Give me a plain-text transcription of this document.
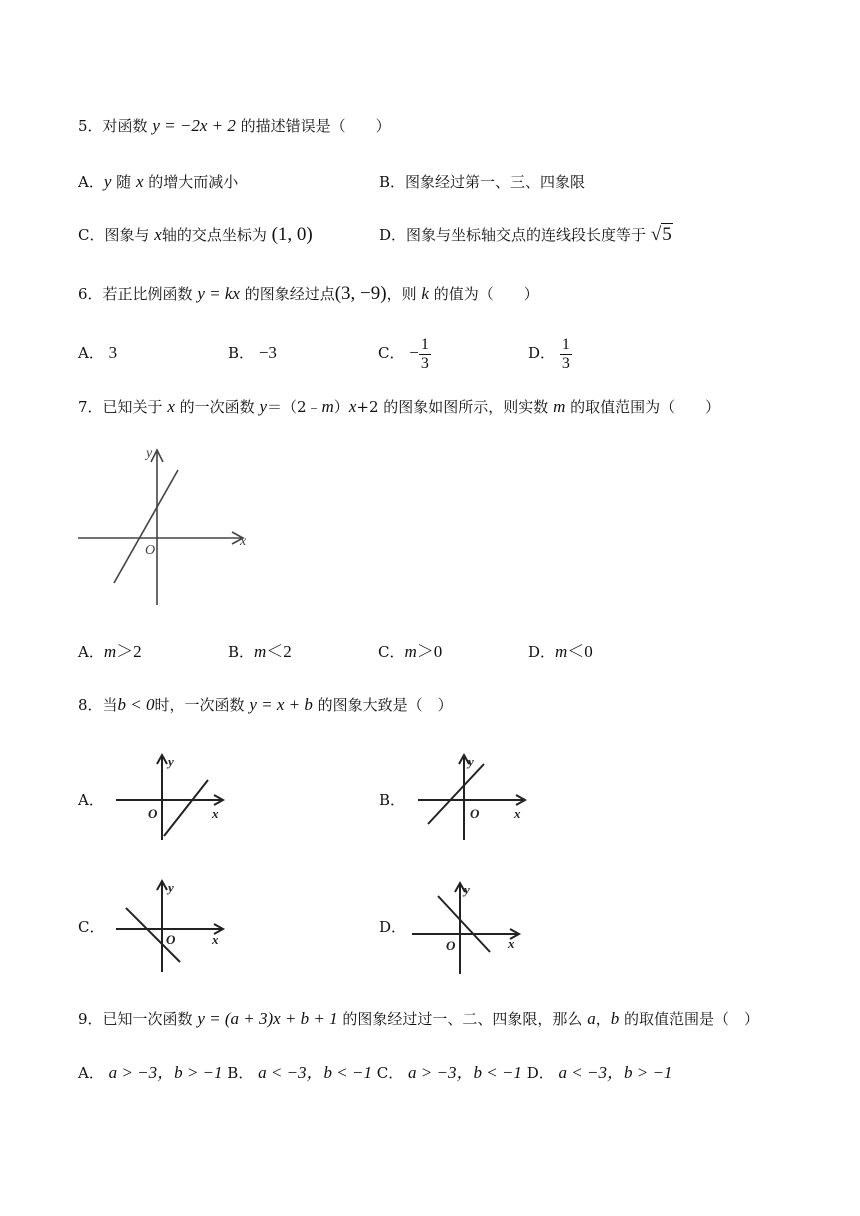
5．对函数 y = −2x + 2 的描述错误是（　　）
A．y 随 x 的增大而减小	B．图象经过第一、三、四象限
C．图象与 x轴的交点坐标为 (1, 0)	D．图象与坐标轴交点的连线段长度等于 √5
6．若正比例函数 y = kx 的图象经过点(3, −9)，则 k 的值为（　　）
A． 3	B． −3	C． − $\frac{1}{3}$	D． $\frac{1}{3}$
7．已知关于 x 的一次函数 y＝（2﹣m）x+2 的图象如图所示，则实数 m 的取值范围为（　　）
x
y
O
A．m＞2	B．m＜2	C．m＞0	D．m＜0
8．当b < 0时，一次函数 y = x + b 的图象大致是（　）
A．
x
y
O
B．
x
y
O
C．
x
y
O
D．
x
y
O
9．已知一次函数 y = (a + 3)x + b + 1 的图象经过过一、二、四象限，那么 a，b 的取值范围是（　）
A． a > −3，b > −1 B． a < −3，b < −1 C． a > −3，b < −1 D． a < −3，b > −1
